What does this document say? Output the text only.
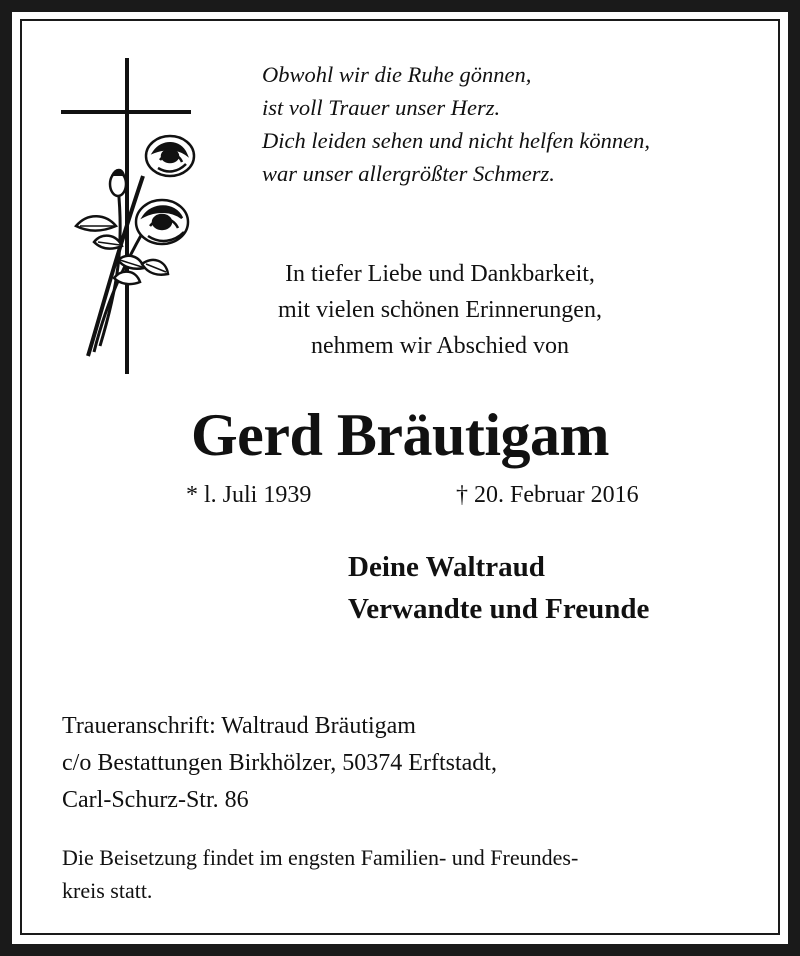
Obwohl wir die Ruhe gönnen,
ist voll Trauer unser Herz.
Dich leiden sehen und nicht helfen können,
war unser allergrößter Schmerz.
In tiefer Liebe und Dankbarkeit,
mit vielen schönen Erinnerungen,
nehmem wir Abschied von
Gerd Bräutigam
* l. Juli 1939	† 20. Februar 2016
Deine Waltraud
Verwandte und Freunde
Traueranschrift: Waltraud Bräutigam
c/o Bestattungen Birkhölzer, 50374 Erftstadt,
Carl-Schurz-Str. 86
Die Beisetzung findet im engsten Familien- und Freundes-
kreis statt.
